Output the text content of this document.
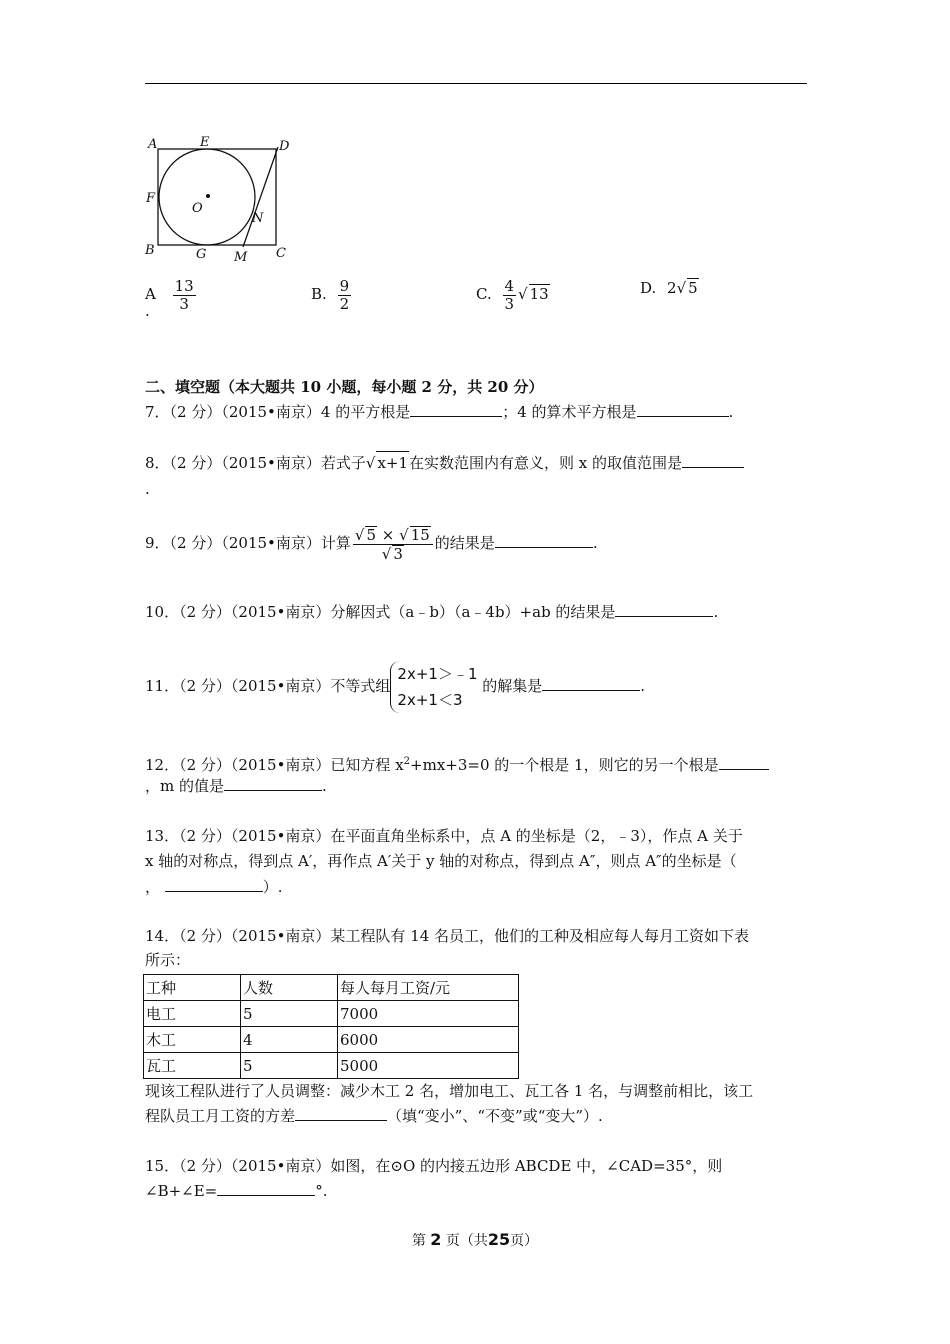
A	E	D
F
O
N
B	G M C
A $\frac{13}{3}$
.
B. $\frac{9}{2}$	C. $\frac{4}{3}$ √ 13	D. 2√ 5
二、填空题（本大题共 10 小题，每小题 2 分，共 20 分）
7．（2 分）（2015•南京）4 的平方根是	；4 的算术平方根是	.
8．（2 分）（2015•南京）若式子√ x+1在实数范围内有意义，则 x 的取值范围是
.
9．（2 分）（2015•南京）计算 $\frac{√ 5 \times √ 15}{√ 3}$ 的结果是	.
10．（2 分）（2015•南京）分解因式（a﹣b）（a﹣4b）+ab 的结果是	.
11．（2 分）（2015•南京）不等式组
2x+1＞﹣1
2x+1＜3
的解集是	.
12．（2 分）（2015•南京）已知方程 $x^2+mx+3=0$ 的一个根是 1，则它的另一个根是
，m 的值是	.
13．（2 分）（2015•南京）在平面直角坐标系中，点 A 的坐标是（2，﹣3），作点 A 关于
x 轴的对称点，得到点 A′，再作点 A′关于 y 轴的对称点，得到点 A″，则点 A″的坐标是（
，	）.
14．（2 分）（2015•南京）某工程队有 14 名员工，他们的工种及相应每人每月工资如下表
所示：
工种	人数	每人每月工资/元
电工	5	7000
木工	4	6000
瓦工	5	5000
现该工程队进行了人员调整：减少木工 2 名，增加电工、瓦工各 1 名，与调整前相比，该工
程队员工月工资的方差	（填“变小”、“不变”或“变大”）.
15．（2 分）（2015•南京）如图，在⊙O 的内接五边形 ABCDE 中，∠CAD=35°，则
∠B+∠E=	°.
第 2 页（共25页）
